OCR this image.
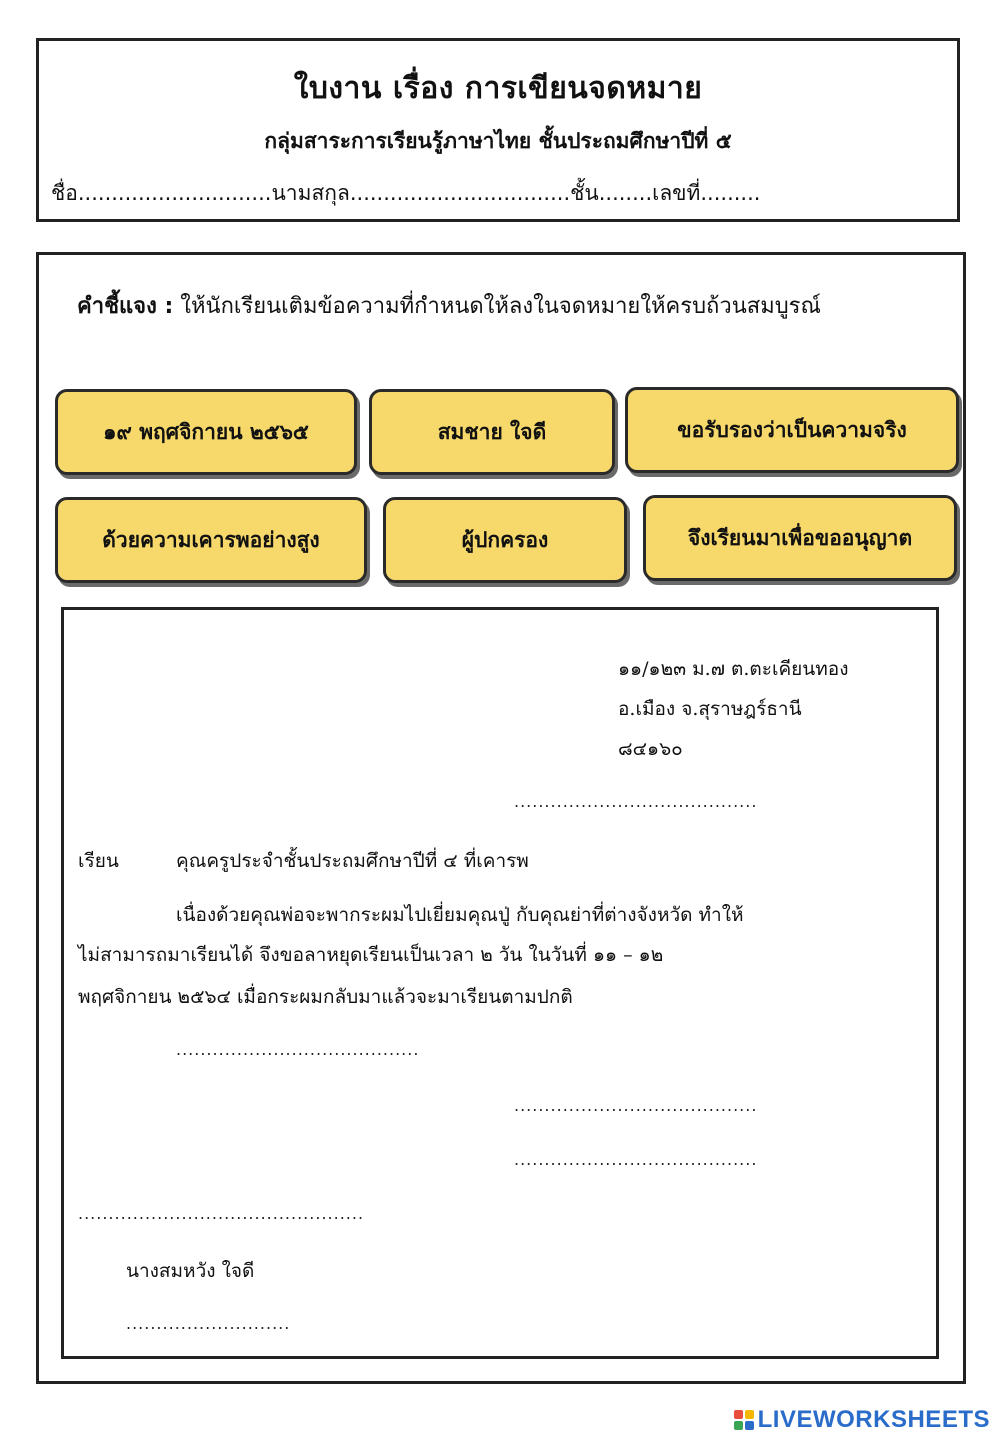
ใบงาน เรื่อง การเขียนจดหมาย
กลุ่มสาระการเรียนรู้ภาษาไทย ชั้นประถมศึกษาปีที่ ๕
ชื่อ.............................นามสกุล.................................ชั้น........เลขที่.........
คำชี้แจง : ให้นักเรียนเติมข้อความที่กำหนดให้ลงในจดหมายให้ครบถ้วนสมบูรณ์
๑๙ พฤศจิกายน ๒๕๖๕	สมชาย ใจดี	ขอรับรองว่าเป็นความจริง
ด้วยความเคารพอย่างสูง	ผู้ปกครอง	จึงเรียนมาเพื่อขออนุญาต
๑๑/๑๒๓ ม.๗ ต.ตะเคียนทอง
อ.เมือง จ.สุราษฎร์ธานี
๘๔๑๖๐
........................................
เรียน	คุณครูประจำชั้นประถมศึกษาปีที่ ๔ ที่เคารพ
เนื่องด้วยคุณพ่อจะพากระผมไปเยี่ยมคุณปู่ กับคุณย่าที่ต่างจังหวัด ทำให้
ไม่สามารถมาเรียนได้ จึงขอลาหยุดเรียนเป็นเวลา ๒ วัน ในวันที่ ๑๑ – ๑๒
พฤศจิกายน ๒๕๖๔ เมื่อกระผมกลับมาแล้วจะมาเรียนตามปกติ
........................................
........................................
........................................
...............................................
นางสมหวัง ใจดี
...........................
LIVEWORKSHEETS
